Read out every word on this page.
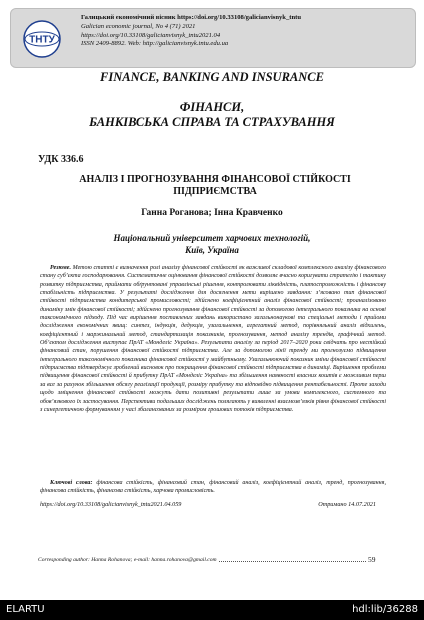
ТНТУ
Галицький економічний вісник https://doi.org/10.33108/galicianvisnyk_tntu
Galician economic journal, No 4 (71) 2021
https://doi.org/10.33108/galicianvisnyk_tntu2021.04
ISSN 2409-8892. Web: http://galicianvisnyk.tntu.edu.ua
FINANCE, BANKING AND INSURANCE
ФІНАНСИ,
БАНКІВСЬКА СПРАВА ТА СТРАХУВАННЯ
УДК 336.6
АНАЛІЗ І ПРОГНОЗУВАННЯ ФІНАНСОВОЇ СТІЙКОСТІ
ПІДПРИЄМСТВА
Ганна Роганова; Інна Кравченко
Національний університет харчових технологій,
Київ, Україна

Резюме. Метою статті є визначення ролі аналізу фінансової стійкості як важливої складової комплексного аналізу фінансового стану суб’єкта господарювання. Систематичне оцінювання фінансової стійкості дозволяє вчасно коригувати стратегію і тактику розвитку підприємства, приймати обґрунтовані управлінські рішення, контролювати ліквідність, платоспроможність і фінансову стабільність підприємства. У результаті дослідження для досягнення мети вирішено завдання: з’ясовано тип фінансової стійкості підприємства кондитерської промисловості; здійснено коефіцієнтний аналіз фінансової стійкості; проаналізовано динаміку змін фінансової стійкості; здійснено прогнозування фінансової стійкості за допомогою інтегрального показника на основі таксономічного підходу. Під час вирішення поставлених завдань використано загальнонаукові та спеціальні методи і прийоми дослідження економічних явищ: синтез, індукція, дедукція, узагальнення, агрегатний метод, порівняльний аналіз відхилень, коефіцієнтний і маржинальний метод, стандартизація показників, прогнозування, метод аналізу трендів, графічний метод. Об’єктом дослідження виступає ПрАТ «Монделіс Україна». Результати аналізу за період 2017–2020 роки свідчать про нестійкий фінансовий стан, порушення фінансової стійкості підприємства. Але за допомогою лінії тренду ми прогнозуємо підвищення інтегрального таксономічного показника фінансової стійкості у майбутньому. Узагальнюючий показник зміни фінансової стійкості підприємства підтверджує зроблений висновок про покращення фінансової стійкості підприємства в динаміці. Вирішення проблеми підвищення фінансової стійкості й прибутку ПрАТ «Монделіс Україна» та збільшення наявності власних коштів є можливим перш за все за рахунок збільшення обсягу реалізації продукції, розміру прибутку та відповідно підвищення рентабельності. Проте заходи щодо зміцнення фінансової стійкості можуть дати позитивні результати лише за умови комплексного, системного та обов’язкового їх застосування. Перспективи подальших досліджень полягають у виявленні взаємозв’язків рівня фінансової стійкості з синергетичною формуванням у часі збалансованих за розміром грошових потоків підприємства.

Ключові слова: фінансова стійкість, фінансовий стан, фінансовий аналіз, коефіцієнтний аналіз, тренд, прогнозування, фінансова стійкість, фінансова стійкість, харчова промисловість.

https://doi.org/10.33108/galicianvisnyk_tntu2021.04.059	Отримано 14.07.2021
Corresponding author: Hanna Rohanova; e-mail: hanna.rohanova@gmail.com	59
ELARTU	hdl:lib/36288
